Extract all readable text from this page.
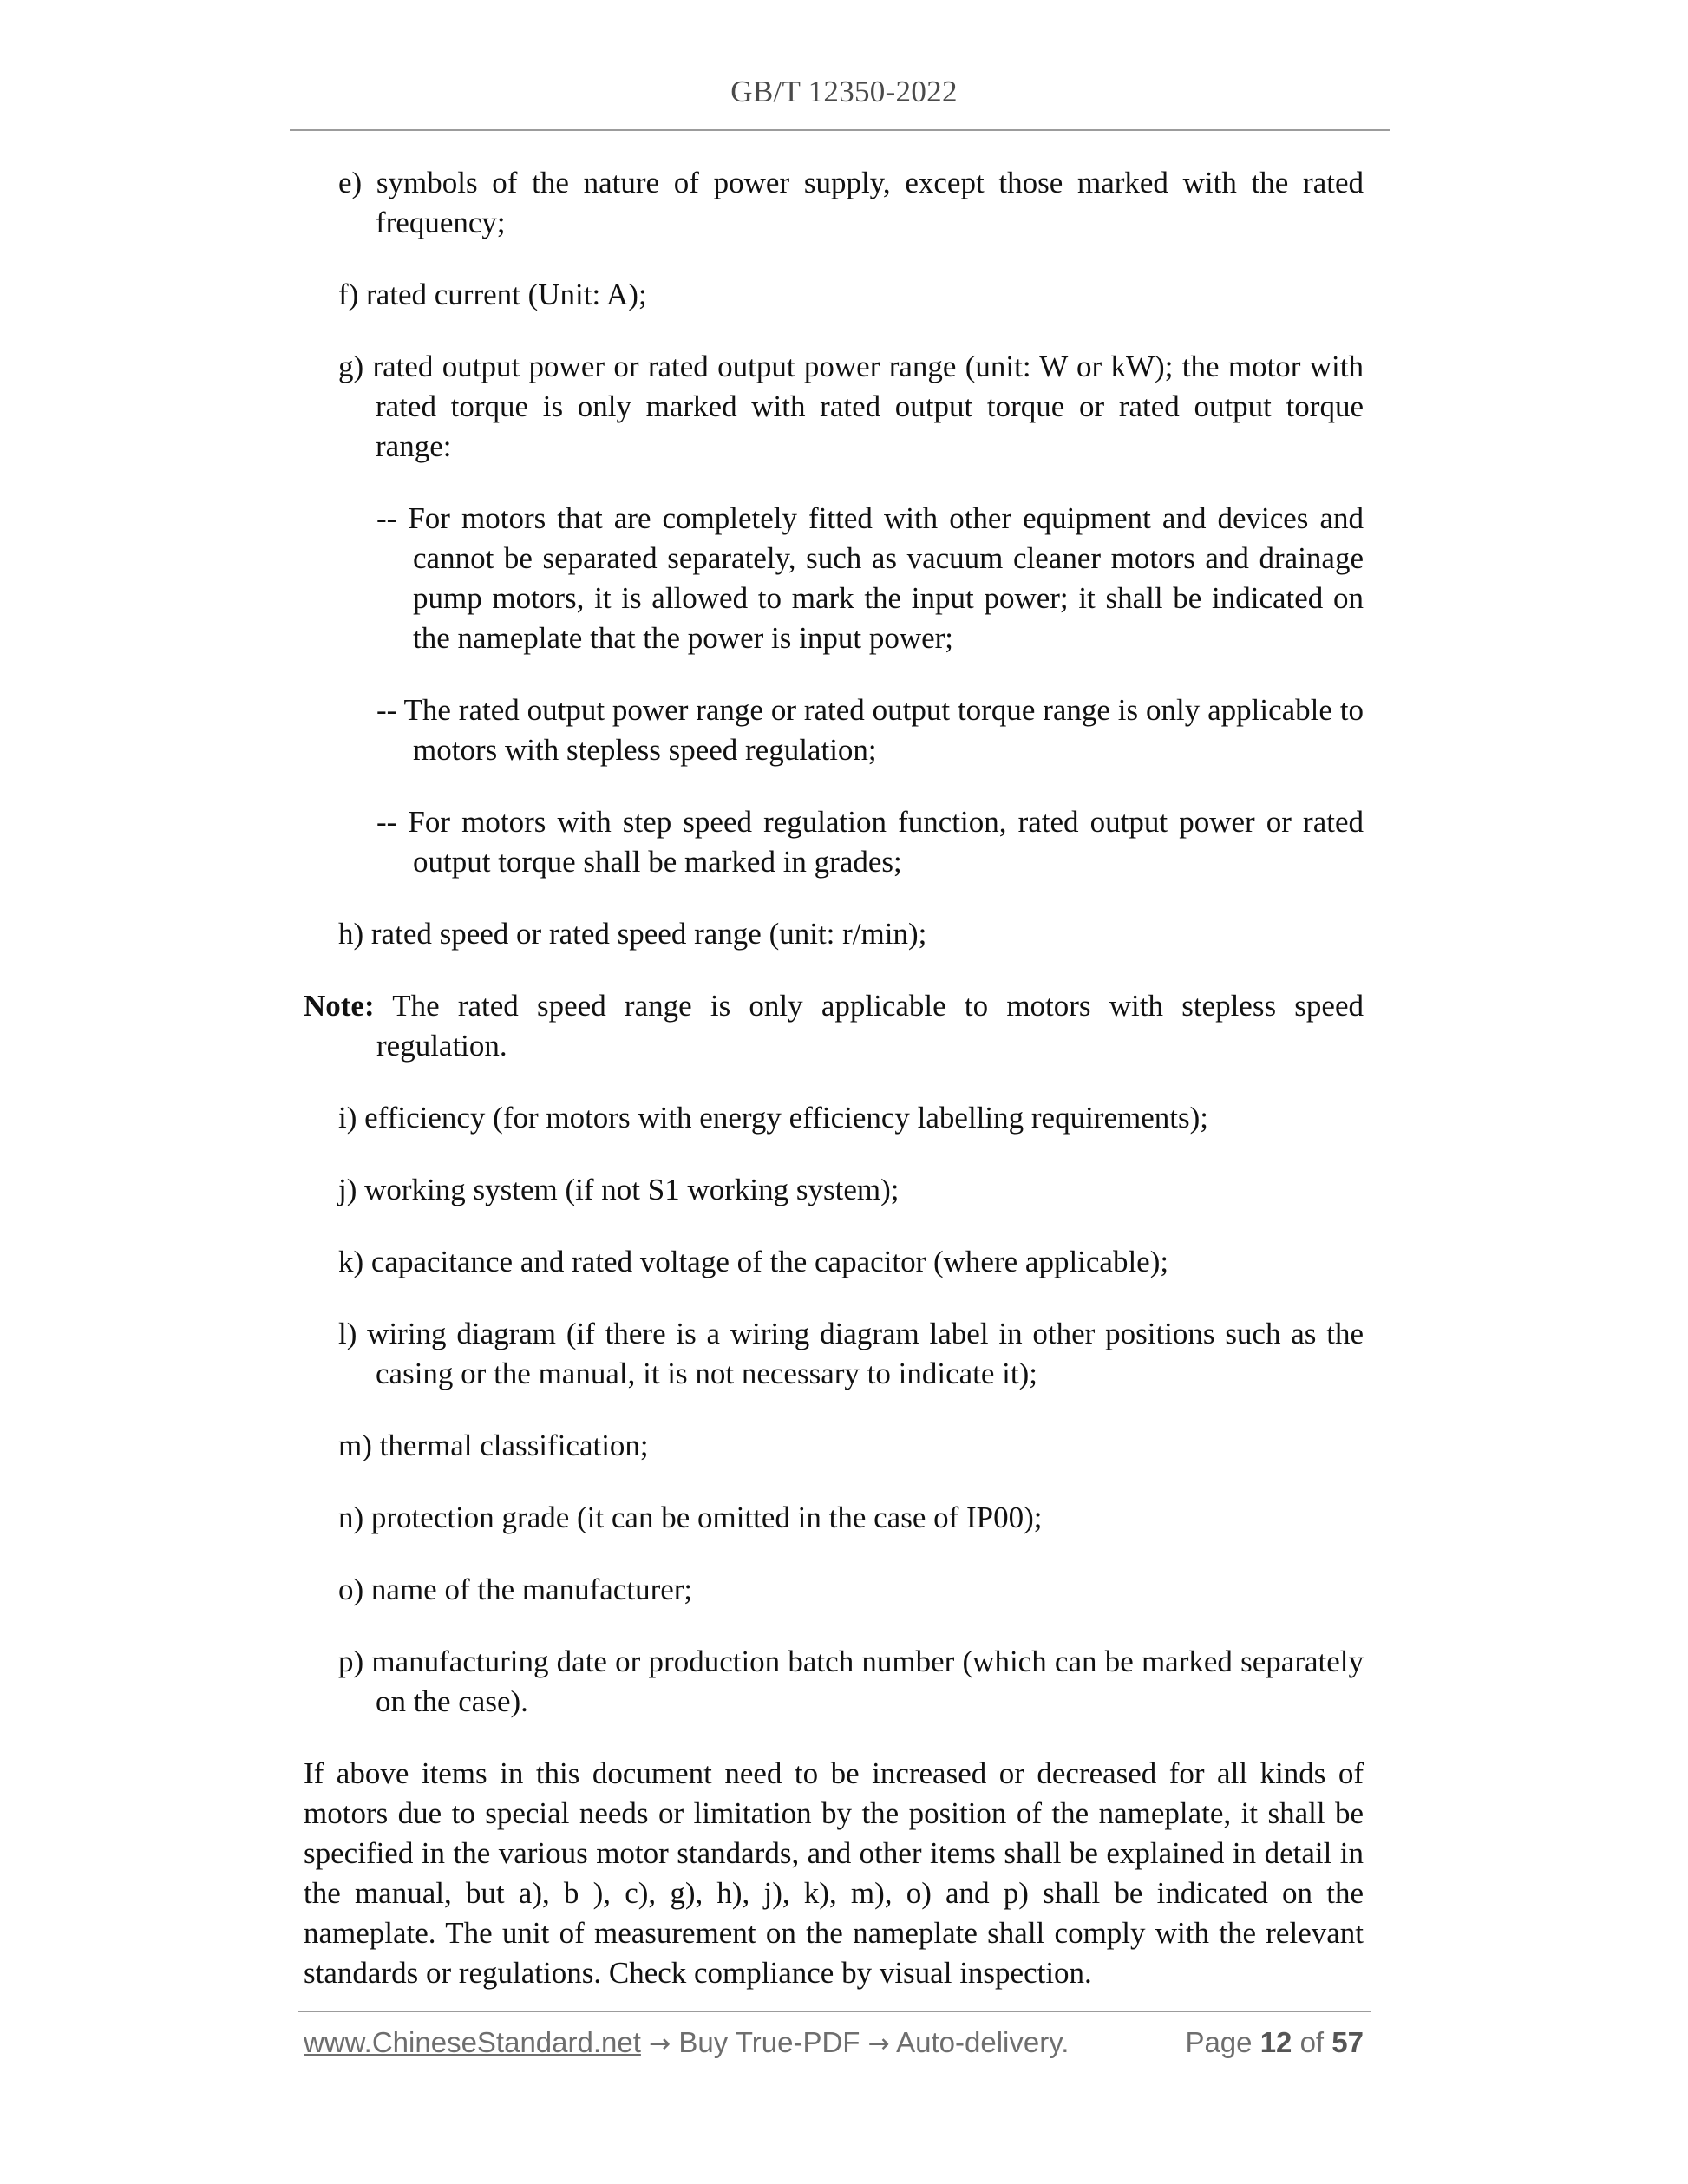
GB/T 12350-2022
e) symbols of the nature of power supply, except those marked with the rated frequency;
f) rated current (Unit: A);
g) rated output power or rated output power range (unit: W or kW); the motor with rated torque is only marked with rated output torque or rated output torque range:
-- For motors that are completely fitted with other equipment and devices and cannot be separated separately, such as vacuum cleaner motors and drainage pump motors, it is allowed to mark the input power; it shall be indicated on the nameplate that the power is input power;
-- The rated output power range or rated output torque range is only applicable to motors with stepless speed regulation;
-- For motors with step speed regulation function, rated output power or rated output torque shall be marked in grades;
h) rated speed or rated speed range (unit: r/min);
Note: The rated speed range is only applicable to motors with stepless speed regulation.
i) efficiency (for motors with energy efficiency labelling requirements);
j) working system (if not S1 working system);
k) capacitance and rated voltage of the capacitor (where applicable);
l) wiring diagram (if there is a wiring diagram label in other positions such as the casing or the manual, it is not necessary to indicate it);
m) thermal classification;
n) protection grade (it can be omitted in the case of IP00);
o) name of the manufacturer;
p) manufacturing date or production batch number (which can be marked separately on the case).
If above items in this document need to be increased or decreased for all kinds of motors due to special needs or limitation by the position of the nameplate, it shall be specified in the various motor standards, and other items shall be explained in detail in the manual, but a), b ), c), g), h), j), k), m), o) and p) shall be indicated on the nameplate. The unit of measurement on the nameplate shall comply with the relevant standards or regulations. Check compliance by visual inspection.
www.ChineseStandard.net → Buy True-PDF → Auto-delivery.	Page 12 of 57
